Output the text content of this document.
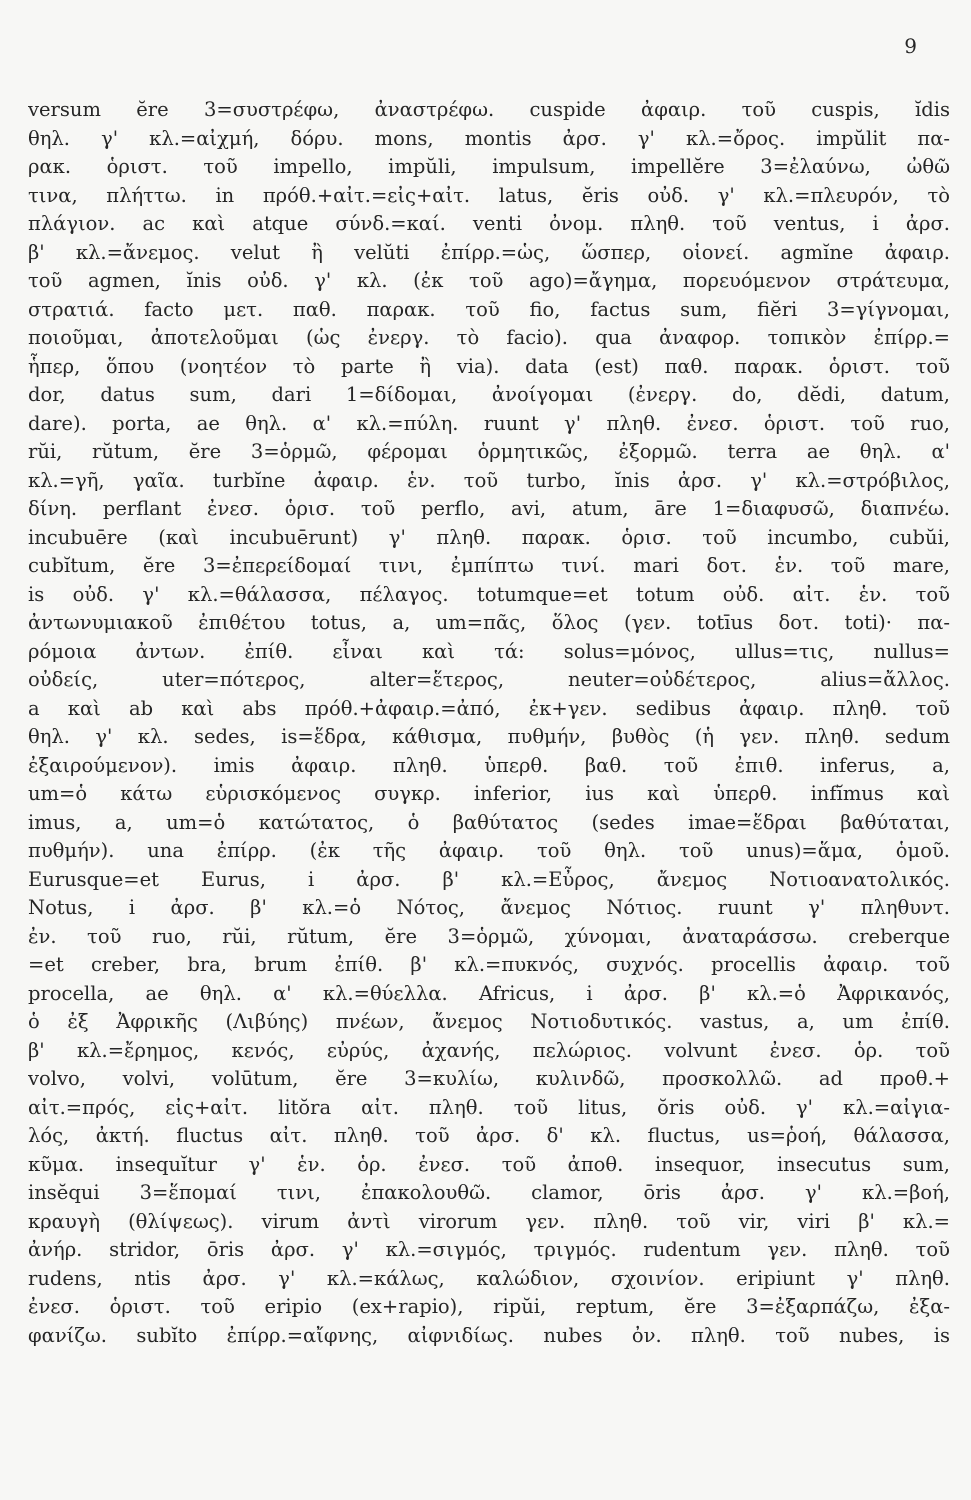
9
versum ĕre 3=συστρέφω, ἀναστρέφω. cuspide ἀφαιρ. τοῦ cuspis, ĭdis
θηλ. γ' κλ.=αἰχμή, δόρυ. mons, montis ἀρσ. γ' κλ.=ὄρος. impŭlit πα-
ρακ. ὁριστ. τοῦ impello, impŭli, impulsum, impellĕre 3=ἐλαύνω, ὠθῶ
τινα, πλήττω. in πρόθ.+αἰτ.=εἰς+αἰτ. latus, ĕris οὐδ. γ' κλ.=πλευρόν, τὸ
πλάγιον. ac καὶ atque σύνδ.=καί. venti ὀνομ. πληθ. τοῦ ventus, i ἀρσ.
β' κλ.=ἄνεμος. velut ἢ velŭti ἐπίρρ.=ὡς, ὥσπερ, οἱονεί. agmĭne ἀφαιρ.
τοῦ agmen, ĭnis οὐδ. γ' κλ. (ἐκ τοῦ ago)=ἄγημα, πορευόμενον στράτευμα,
στρατιά. facto μετ. παθ. παρακ. τοῦ fio, factus sum, fiĕri 3=γίγνομαι,
ποιοῦμαι, ἀποτελοῦμαι (ὡς ἐνεργ. τὸ facio). qua ἀναφορ. τοπικὸν ἐπίρρ.=
ἧπερ, ὅπου (νοητέον τὸ parte ἢ via). data (est) παθ. παρακ. ὁριστ. τοῦ
dor, datus sum, dari 1=δίδομαι, ἀνοίγομαι (ἐνεργ. do, dĕdi, datum,
dare). porta, ae θηλ. α' κλ.=πύλη. ruunt γ' πληθ. ἐνεσ. ὁριστ. τοῦ ruo,
rŭi, rŭtum, ĕre 3=ὁρμῶ, φέρομαι ὁρμητικῶς, ἐξορμῶ. terra ae θηλ. α'
κλ.=γῆ, γαῖα. turbĭne ἀφαιρ. ἑν. τοῦ turbo, ĭnis ἀρσ. γ' κλ.=στρόβιλος,
δίνη. perflant ἐνεσ. ὁρισ. τοῦ perflo, avi, atum, āre 1=διαφυσῶ, διαπνέω.
incubuēre (καὶ incubuērunt) γ' πληθ. παρακ. ὁρισ. τοῦ incumbo, cubŭi,
cubĭtum, ĕre 3=ἐπερείδομαί τινι, ἐμπίπτω τινί. mari δοτ. ἑν. τοῦ mare,
is οὐδ. γ' κλ.=θάλασσα, πέλαγος. totumque=et totum οὐδ. αἰτ. ἑν. τοῦ
ἀντωνυμιακοῦ ἐπιθέτου totus, a, um=πᾶς, ὅλος (γεν. totīus δοτ. toti)· πα-
ρόμοια ἀντων. ἐπίθ. εἶναι καὶ τά: solus=μόνος, ullus=τις, nullus=
οὐδείς, uter=πότερος, alter=ἕτερος, neuter=οὐδέτερος, alius=ἄλλος.
a καὶ ab καὶ abs πρόθ.+ἀφαιρ.=ἀπό, ἐκ+γεν. sedibus ἀφαιρ. πληθ. τοῦ
θηλ. γ' κλ. sedes, is=ἕδρα, κάθισμα, πυθμήν, βυθὸς (ἡ γεν. πληθ. sedum
ἐξαιρούμενον). imis ἀφαιρ. πληθ. ὑπερθ. βαθ. τοῦ ἐπιθ. inferus, a,
um=ὁ κάτω εὑρισκόμενος συγκρ. inferior, ius καὶ ὑπερθ. infĭmus καὶ
imus, a, um=ὁ κατώτατος, ὁ βαθύτατος (sedes imae=ἕδραι βαθύταται,
πυθμήν). una ἐπίρρ. (ἐκ τῆς ἀφαιρ. τοῦ θηλ. τοῦ unus)=ἅμα, ὁμοῦ.
Eurusque=et Eurus, i ἀρσ. β' κλ.=Εὖρος, ἄνεμος Νοτιοανατολικός.
Notus, i ἀρσ. β' κλ.=ὁ Νότος, ἄνεμος Νότιος. ruunt γ' πληθυντ.
ἐν. τοῦ ruo, rŭi, rŭtum, ĕre 3=ὁρμῶ, χύνομαι, ἀναταράσσω. creberque
=et creber, bra, brum ἐπίθ. β' κλ.=πυκνός, συχνός. procellis ἀφαιρ. τοῦ
procella, ae θηλ. α' κλ.=θύελλα. Africus, i ἀρσ. β' κλ.=ὁ Ἀφρικανός,
ὁ ἐξ Ἀφρικῆς (Λιβύης) πνέων, ἄνεμος Νοτιοδυτικός. vastus, a, um ἐπίθ.
β' κλ.=ἔρημος, κενός, εὐρύς, ἀχανής, πελώριος. volvunt ἐνεσ. ὁρ. τοῦ
volvo, volvi, volūtum, ĕre 3=κυλίω, κυλινδῶ, προσκολλῶ. ad προθ.+
αἰτ.=πρός, εἰς+αἰτ. litŏra αἰτ. πληθ. τοῦ litus, ŏris οὐδ. γ' κλ.=αἰγια-
λός, ἀκτή. fluctus αἰτ. πληθ. τοῦ ἀρσ. δ' κλ. fluctus, us=ῥοή, θάλασσα,
κῦμα. insequĭtur γ' ἑν. ὁρ. ἐνεσ. τοῦ ἀποθ. insequor, insecutus sum,
insĕqui 3=ἕπομαί τινι, ἐπακολουθῶ. clamor, ōris ἀρσ. γ' κλ.=βοή,
κραυγὴ (θλίψεως). virum ἀντὶ virorum γεν. πληθ. τοῦ vir, viri β' κλ.=
ἀνήρ. stridor, ōris ἀρσ. γ' κλ.=σιγμός, τριγμός. rudentum γεν. πληθ. τοῦ
rudens, ntis ἀρσ. γ' κλ.=κάλως, καλώδιον, σχοινίον. eripiunt γ' πληθ.
ἐνεσ. ὁριστ. τοῦ eripio (ex+rapio), ripŭi, reptum, ĕre 3=ἐξαρπάζω, ἐξα-
φανίζω. subĭto ἐπίρρ.=αἴφνης, αἰφνιδίως. nubes ὀν. πληθ. τοῦ nubes, is
